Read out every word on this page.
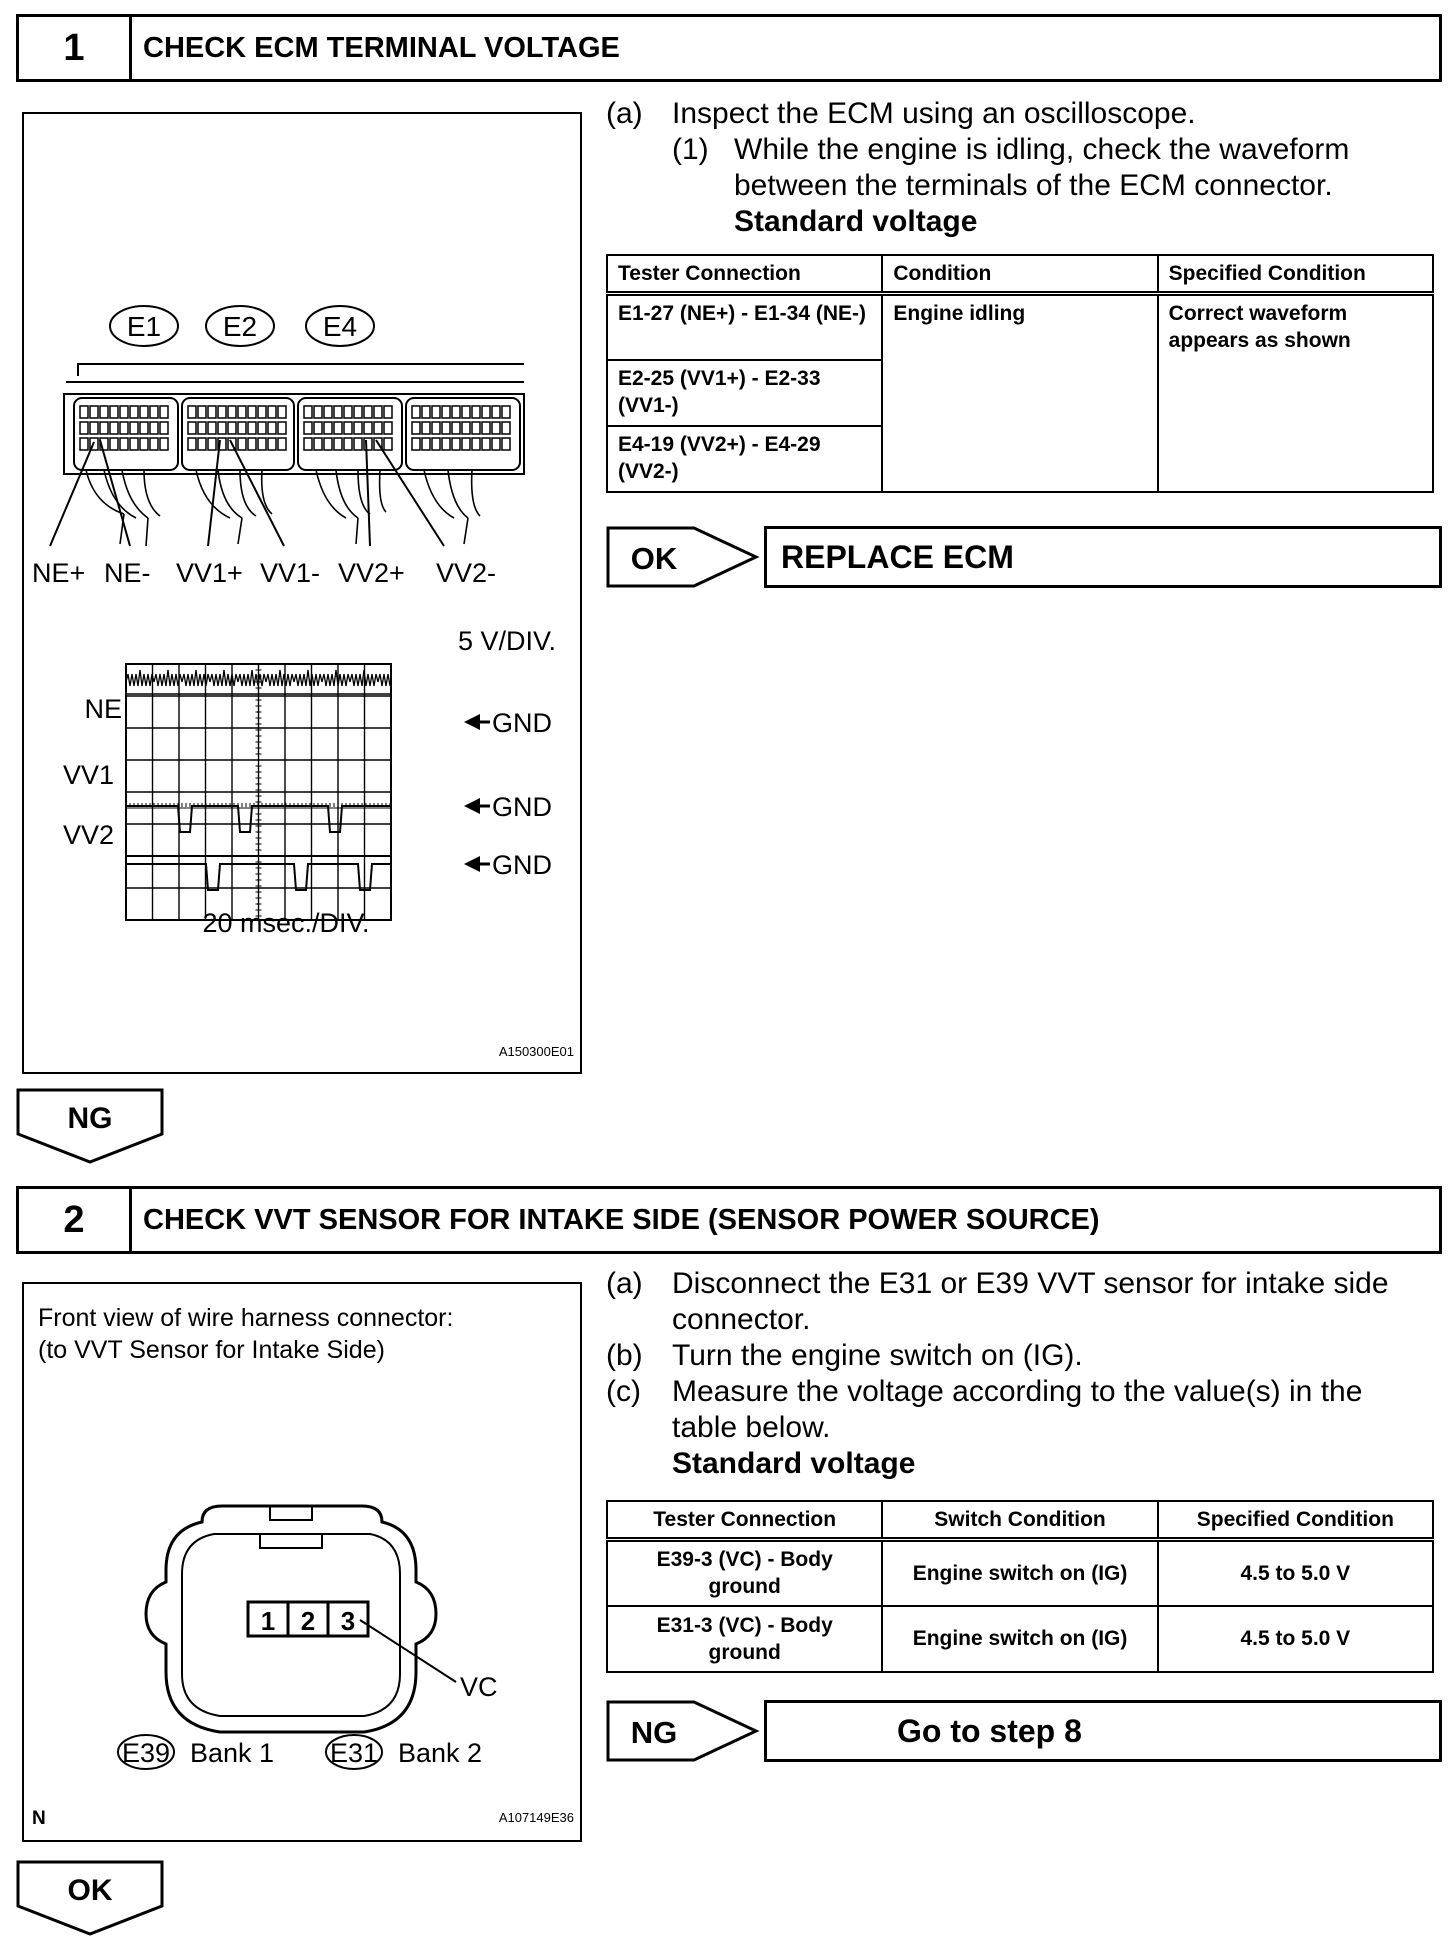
1	CHECK ECM TERMINAL VOLTAGE
E1 E2 E4
NE+ NE- VV1+ VV1- VV2+ VV2-
5 V/DIV.
NE
VV1
VV2
GND
GND
GND
20 msec./DIV.
A150300E01
(a) Inspect the ECM using an oscilloscope.
(1) While the engine is idling, check the waveform
between the terminals of the ECM connector.
Standard voltage
Tester Connection	Condition	Specified Condition
E1-27 (NE+) - E1-34 (NE-)	Engine idling	Correct waveform appears as shown
E2-25 (VV1+) - E2-33 (VV1-)		
E4-19 (VV2+) - E4-29 (VV2-)		
OK	REPLACE ECM
NG
2	CHECK VVT SENSOR FOR INTAKE SIDE (SENSOR POWER SOURCE)
Front view of wire harness connector:
(to VVT Sensor for Intake Side)
1 2 3
VC
E39 Bank 1 E31 Bank 2
N	A107149E36
(a) Disconnect the E31 or E39 VVT sensor for intake side
connector.
(b) Turn the engine switch on (IG).
(c) Measure the voltage according to the value(s) in the
table below.
Standard voltage
Tester Connection	Switch Condition	Specified Condition
E39-3 (VC) - Body ground	Engine switch on (IG)	4.5 to 5.0 V
E31-3 (VC) - Body ground	Engine switch on (IG)	4.5 to 5.0 V
NG	Go to step 8
OK
